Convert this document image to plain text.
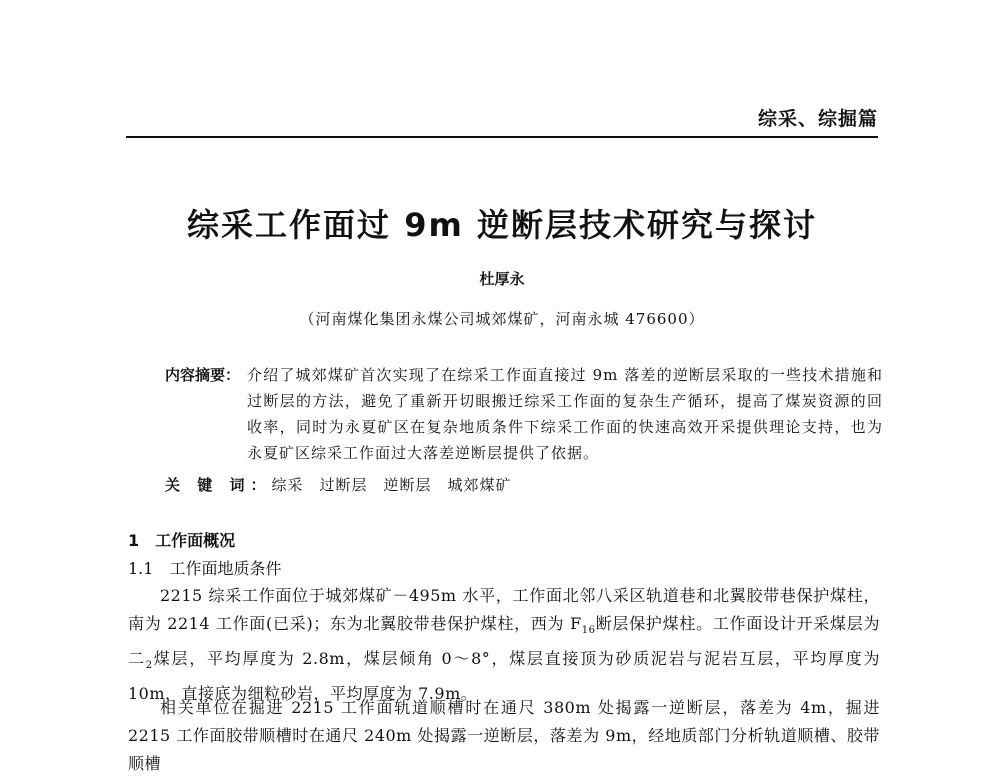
综采、综掘篇
综采工作面过 9m 逆断层技术研究与探讨
杜厚永
（河南煤化集团永煤公司城郊煤矿，河南永城 476600）
内容摘要： 介绍了城郊煤矿首次实现了在综采工作面直接过 9m 落差的逆断层采取的一些技术措施和过断层的方法，避免了重新开切眼搬迁综采工作面的复杂生产循环，提高了煤炭资源的回收率，同时为永夏矿区在复杂地质条件下综采工作面的快速高效开采提供理论支持，也为永夏矿区综采工作面过大落差逆断层提供了依据。
关 键 词：综采 过断层 逆断层 城郊煤矿
1　工作面概况
1.1　工作面地质条件
2215 综采工作面位于城郊煤矿－495m 水平，工作面北邻八采区轨道巷和北翼胶带巷保护煤柱，南为 2214 工作面(已采)；东为北翼胶带巷保护煤柱，西为 $F_{16}$断层保护煤柱。工作面设计开采煤层为二$_2$煤层，平均厚度为 2.8m，煤层倾角 0～8°，煤层直接顶为砂质泥岩与泥岩互层，平均厚度为 10m，直接底为细粒砂岩，平均厚度为 7.9m。
相关单位在掘进 2215 工作面轨道顺槽时在通尺 380m 处揭露一逆断层，落差为 4m，掘进 2215 工作面胶带顺槽时在通尺 240m 处揭露一逆断层，落差为 9m，经地质部门分析轨道顺槽、胶带顺槽
